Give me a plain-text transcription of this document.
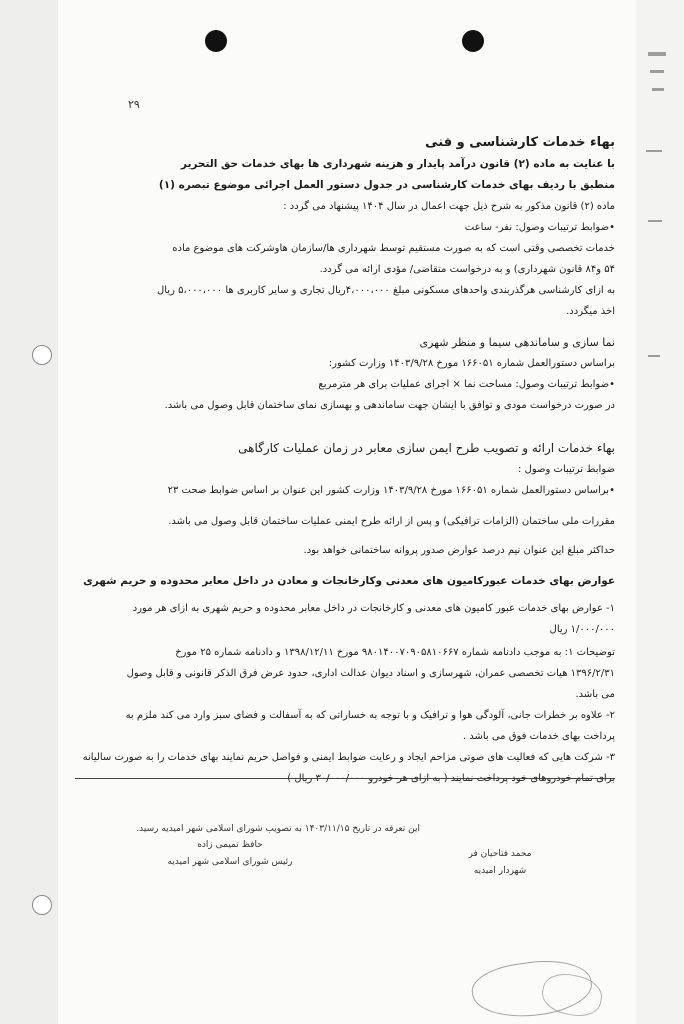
۲۹
بهاء خدمات کارشناسی و فنی
با عنایت به ماده (۲) قانون درآمد پایدار و هزینه شهرداری ها بهای خدمات حق التحریر
منطبق با ردیف بهای خدمات کارشناسی در جدول دستور العمل اجرائی موضوع تبصره (۱)
ماده (۲) قانون مذکور به شرح ذیل جهت اعمال در سال ۱۴۰۴ پیشنهاد می گردد :
•ضوابط ترتیبات وصول: نفر- ساعت
خدمات تخصصی وقتی است که به صورت مستقیم توسط شهرداری ها/سازمان هاوشرکت های موضوع ماده
۵۴ و۸۴ قانون شهرداری) و به درخواست متقاضی/ مؤدی ارائه می گردد.
به ازای کارشناسی هرگذربندی واحدهای مسکونی مبلغ ۴،۰۰۰،۰۰۰ریال تجاری و سایر کاربری ها ۵،۰۰۰،۰۰۰ ریال
اخذ میگردد.
نما سازی و ساماندهی سیما و منظر شهری
براساس دستورالعمل شماره ۱۶۶۰۵۱ مورخ ۱۴۰۳/۹/۲۸ وزارت کشور:
•ضوابط ترتیبات وصول: مساحت نما × اجرای عملیات برای هر مترمربع
در صورت درخواست مودی و توافق با ایشان جهت ساماندهی و بهسازی نمای ساختمان قابل وصول می باشد.
بهاء خدمات ارائه و تصویب طرح ایمن سازی معابر در زمان عملیات کارگاهی
ضوابط ترتیبات وصول :
•براساس دستورالعمل شماره ۱۶۶۰۵۱ مورخ ۱۴۰۳/۹/۲۸ وزارت کشور این عنوان بر اساس ضوابط صحت ۲۳
مقررات ملی ساختمان (الزامات ترافیکی) و پس از ارائه طرح ایمنی عملیات ساختمان قابل وصول می باشد.
حداکثر مبلغ این عنوان نیم درصد عوارض صدور پروانه ساختمانی خواهد بود.
عوارض بهای خدمات عبورکامیون های معدنی وکارخانجات و معادن در داخل معابر محدوده و حریم شهری
۱- عوارض بهای خدمات عبور کامیون های معدنی و کارخانجات در داخل معابر محدوده و حریم شهری به ازای هر مورد
۱/۰۰۰/۰۰۰ ریال
توضیحات ۱: به موجب دادنامه شماره ۹۸۰۱۴۰۰۷۰۹۰۵۸۱۰۶۶۷ مورخ ۱۳۹۸/۱۲/۱۱ و دادنامه شماره ۲۵ مورخ
۱۳۹۶/۲/۳۱ هیات تخصصی عمران، شهرسازی و اسناد دیوان عدالت اداری، حدود عرض فرق الذکر قانونی و قابل وصول
می باشد.
۲- علاوه بر خطرات جانی، آلودگی هوا و ترافیک و با توجه به خساراتی که به آسفالت و فضای سبز وارد می کند ملزم به
پرداخت بهای خدمات فوق می باشد .
۳- شرکت هایی که فعالیت های صوتی مزاحم ایجاد و رعایت ضوابط ایمنی و فواصل حریم نمایند بهای خدمات را به صورت سالیانه
این تعرفه در تاریخ ۱۴۰۳/۱۱/۱۵ به تصویب شورای اسلامی شهر امیدیه رسید.
حافظ تمیمی زاده
رئیس شورای اسلامی شهر امیدیه
محمد فتاحیان فر
شهردار امیدیه
